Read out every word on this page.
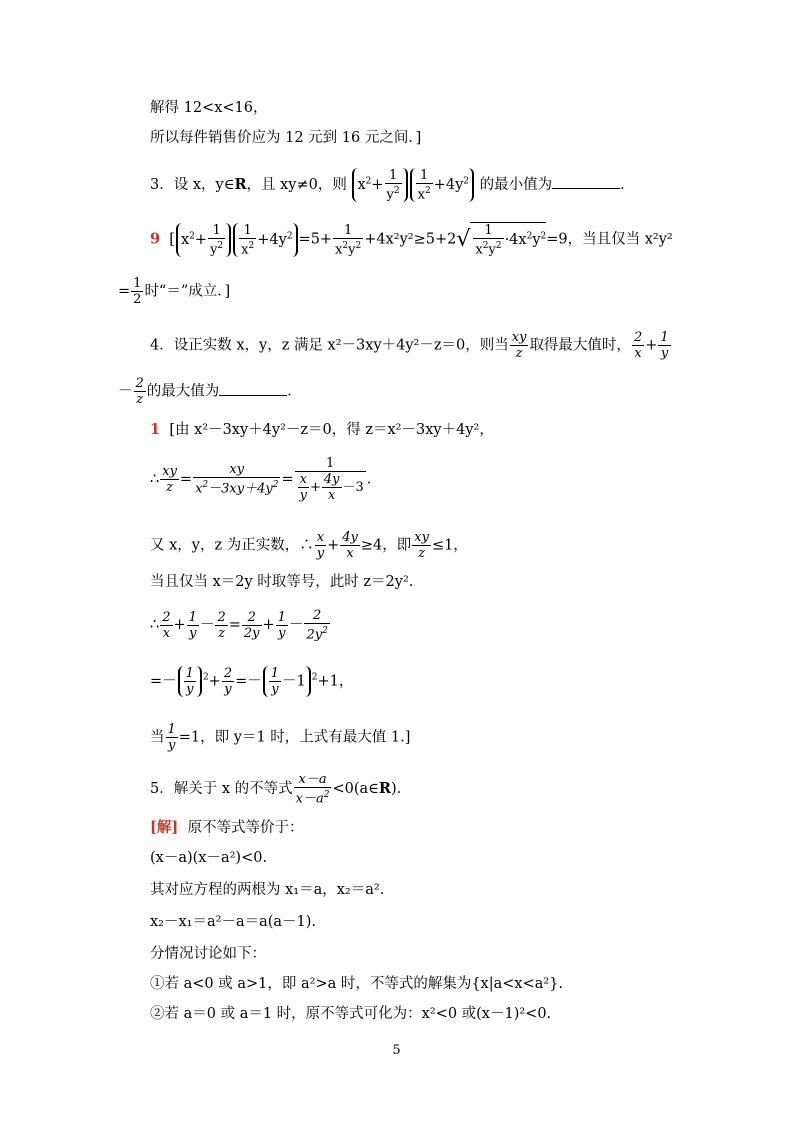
解得 12<x<16，
所以每件销售价应为 12 元到 16 元之间．]
3．设 x，y∈R，且 xy≠0，则 $x^2+ \frac{1}{y^2} \frac{1}{x^2} +4y^2$ 的最小值为	．
9  [ $x^2+ \frac{1}{y^2} \frac{1}{x^2} +4y^2 =5+ \frac{1}{x^2y^2} +4x^2y^2\ge 5+2√ \frac{1}{x^2y^2} \cdot 4x^2y^2=9$，当且仅当 x²y²
= $\frac{1}{2}$ 时“＝”成立．]
4．设正实数 x，y，z 满足 x²－3xy＋4y²－z＝0，则当 $\frac{xy}{z}$ 取得最大值时， $\frac{2}{x} + \frac{1}{y}$
－ $\frac{2}{z}$ 的最大值为	．
1 [由 x²－3xy＋4y²－z＝0，得 z＝x²－3xy＋4y²，
∴ $\frac{xy}{z} = \frac{xy}{x^2-3xy+4y^2} = \frac{1}{\frac{x}{y} + \frac{4y}{x} -3}$ .
又 x，y，z 为正实数，∴ $\frac{x}{y} + \frac{4y}{x} \ge 4$，即 $\frac{xy}{z} \le 1$，
当且仅当 x＝2y 时取等号，此时 z＝2y².
∴ $\frac{2}{x} + \frac{1}{y} - \frac{2}{z} = \frac{2}{2y} + \frac{1}{y} - \frac{2}{2y^2}$
=－ $\frac{1}{y} ^2+ \frac{2}{y} =- \frac{1}{y} -1$ $^2$+1，
当 $\frac{1}{y} =1$，即 y＝1 时，上式有最大值 1.]
5．解关于 x 的不等式 $\frac{x-a}{x-a^2}$ <0(a∈R).
[解] 原不等式等价于：
(x－a)(x－a²)<0.
其对应方程的两根为 x₁＝a，x₂＝a².
x₂－x₁＝a²－a＝a(a－1).
分情况讨论如下：
①若 a<0 或 a>1，即 a²>a 时，不等式的解集为{x|a<x<a²}.
②若 a＝0 或 a＝1 时，原不等式可化为：x²<0 或(x－1)²<0.
5
